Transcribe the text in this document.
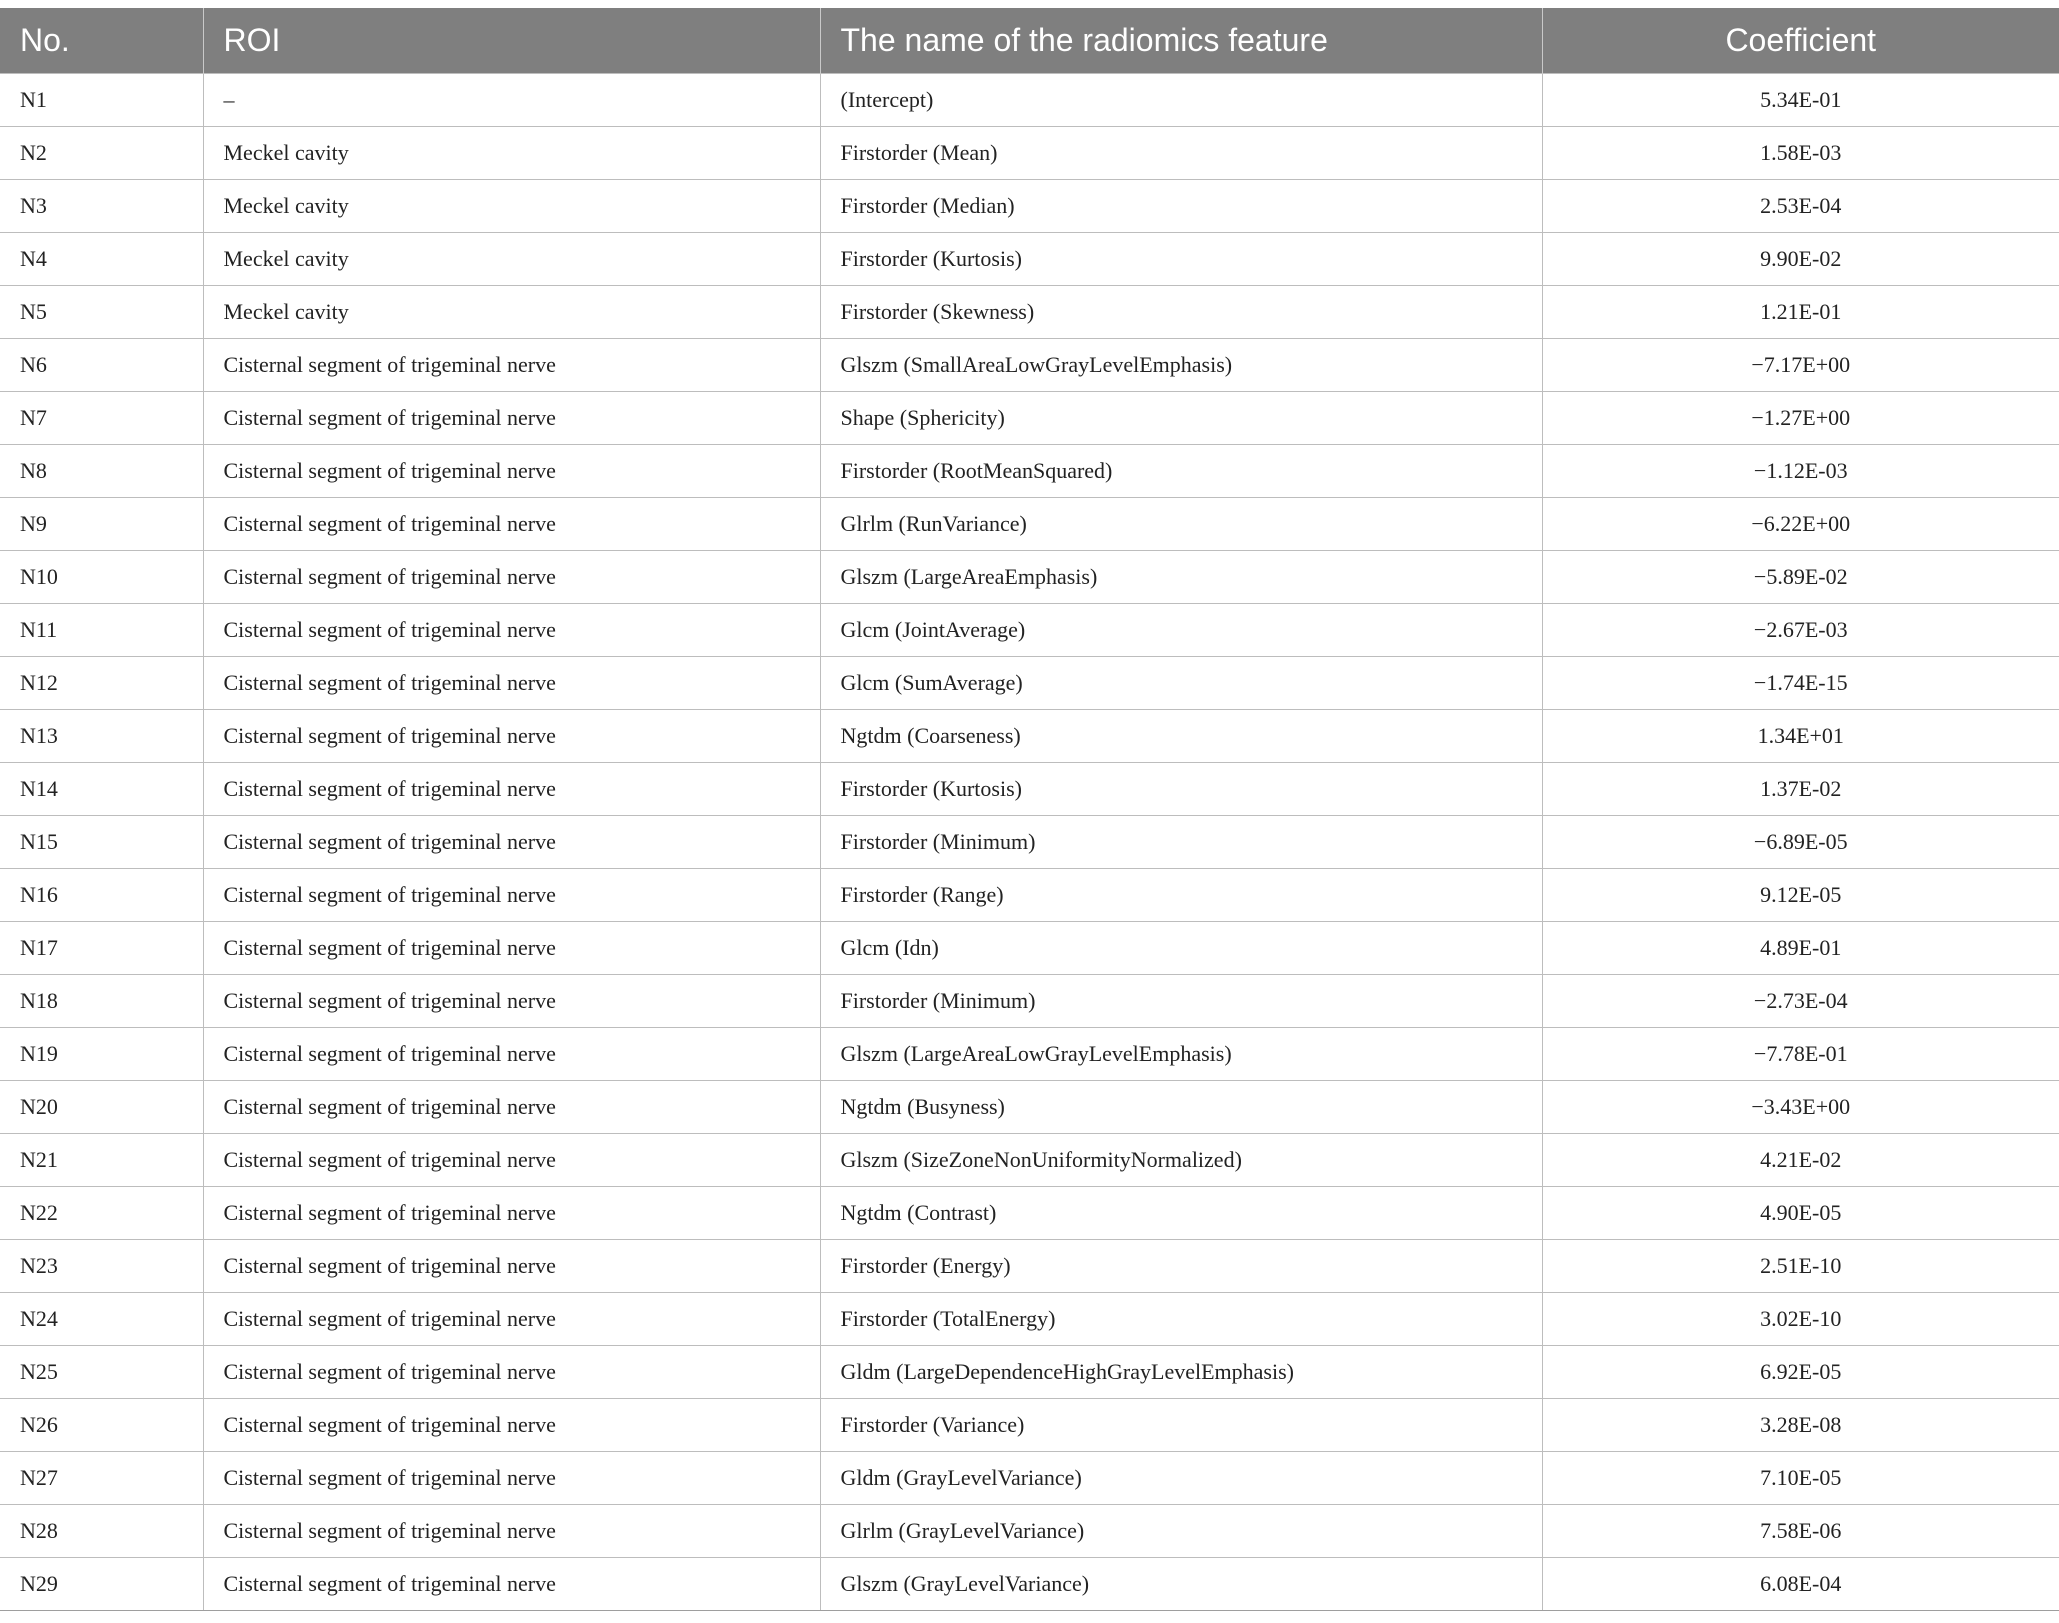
No.	ROI	The name of the radiomics feature	Coefficient
N1	–	(Intercept)	5.34E-01
N2	Meckel cavity	Firstorder (Mean)	1.58E-03
N3	Meckel cavity	Firstorder (Median)	2.53E-04
N4	Meckel cavity	Firstorder (Kurtosis)	9.90E-02
N5	Meckel cavity	Firstorder (Skewness)	1.21E-01
N6	Cisternal segment of trigeminal nerve	Glszm (SmallAreaLowGrayLevelEmphasis)	−7.17E+00
N7	Cisternal segment of trigeminal nerve	Shape (Sphericity)	−1.27E+00
N8	Cisternal segment of trigeminal nerve	Firstorder (RootMeanSquared)	−1.12E-03
N9	Cisternal segment of trigeminal nerve	Glrlm (RunVariance)	−6.22E+00
N10	Cisternal segment of trigeminal nerve	Glszm (LargeAreaEmphasis)	−5.89E-02
N11	Cisternal segment of trigeminal nerve	Glcm (JointAverage)	−2.67E-03
N12	Cisternal segment of trigeminal nerve	Glcm (SumAverage)	−1.74E-15
N13	Cisternal segment of trigeminal nerve	Ngtdm (Coarseness)	1.34E+01
N14	Cisternal segment of trigeminal nerve	Firstorder (Kurtosis)	1.37E-02
N15	Cisternal segment of trigeminal nerve	Firstorder (Minimum)	−6.89E-05
N16	Cisternal segment of trigeminal nerve	Firstorder (Range)	9.12E-05
N17	Cisternal segment of trigeminal nerve	Glcm (Idn)	4.89E-01
N18	Cisternal segment of trigeminal nerve	Firstorder (Minimum)	−2.73E-04
N19	Cisternal segment of trigeminal nerve	Glszm (LargeAreaLowGrayLevelEmphasis)	−7.78E-01
N20	Cisternal segment of trigeminal nerve	Ngtdm (Busyness)	−3.43E+00
N21	Cisternal segment of trigeminal nerve	Glszm (SizeZoneNonUniformityNormalized)	4.21E-02
N22	Cisternal segment of trigeminal nerve	Ngtdm (Contrast)	4.90E-05
N23	Cisternal segment of trigeminal nerve	Firstorder (Energy)	2.51E-10
N24	Cisternal segment of trigeminal nerve	Firstorder (TotalEnergy)	3.02E-10
N25	Cisternal segment of trigeminal nerve	Gldm (LargeDependenceHighGrayLevelEmphasis)	6.92E-05
N26	Cisternal segment of trigeminal nerve	Firstorder (Variance)	3.28E-08
N27	Cisternal segment of trigeminal nerve	Gldm (GrayLevelVariance)	7.10E-05
N28	Cisternal segment of trigeminal nerve	Glrlm (GrayLevelVariance)	7.58E-06
N29	Cisternal segment of trigeminal nerve	Glszm (GrayLevelVariance)	6.08E-04
